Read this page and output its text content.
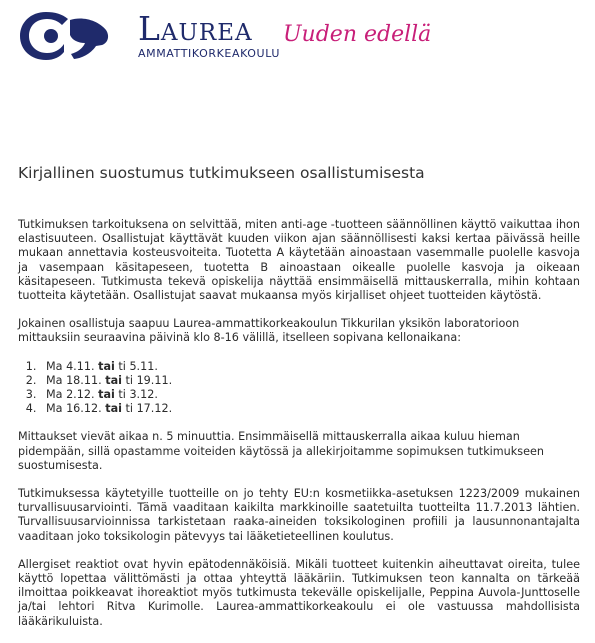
Laurea
AMMATTIKORKEAKOULU
Uuden edellä
Kirjallinen suostumus tutkimukseen osallistumisesta

Tutkimuksen tarkoituksena on selvittää, miten anti-age -tuotteen säännöllinen käyttö vaikuttaa ihon elastisuuteen. Osallistujat käyttävät kuuden viikon ajan säännöllisesti kaksi kertaa päivässä heille mukaan annettavia kosteusvoiteita. Tuotetta A käytetään ainoastaan vasemmalle puolelle kasvoja ja vasempaan käsitapeseen, tuotetta B ainoastaan oikealle puolelle kasvoja ja oikeaan käsitapeseen. Tutkimusta tekevä opiskelija näyttää ensimmäisellä mittauskerralla, mihin kohtaan tuotteita käytetään. Osallistujat saavat mukaansa myös kirjalliset ohjeet tuotteiden käytöstä.

Jokainen osallistuja saapuu Laurea-ammattikorkeakoulun Tikkurilan yksikön laboratorioon mittauksiin seuraavina päivinä klo 8-16 välillä, itselleen sopivana kellonaikana:

1. Ma 4.11. tai ti 5.11.
2. Ma 18.11. tai ti 19.11.
3. Ma 2.12. tai ti 3.12.
4. Ma 16.12. tai ti 17.12.

Mittaukset vievät aikaa n. 5 minuuttia. Ensimmäisellä mittauskerralla aikaa kuluu hieman pidempään, sillä opastamme voiteiden käytössä ja allekirjoitamme sopimuksen tutkimukseen suostumisesta.

Tutkimuksessa käytetyille tuotteille on jo tehty EU:n kosmetiikka-asetuksen 1223/2009 mukainen turvallisuusarviointi. Tämä vaaditaan kaikilta markkinoille saatetuilta tuotteilta 11.7.2013 lähtien. Turvallisuusarvioinnissa tarkistetaan raaka-aineiden toksikologinen profiili ja lausunnonantajalta vaaditaan joko toksikologin pätevyys tai lääketieteellinen koulutus.

Allergiset reaktiot ovat hyvin epätodennäköisiä. Mikäli tuotteet kuitenkin aiheuttavat oireita, tulee käyttö lopettaa välittömästi ja ottaa yhteyttä lääkäriin. Tutkimuksen teon kannalta on tärkeää ilmoittaa poikkeavat ihoreaktiot myös tutkimusta tekevälle opiskelijalle, Peppina Auvola-Junttoselle ja/tai lehtori Ritva Kurimolle. Laurea-ammattikorkeakoulu ei ole vastuussa mahdollisista lääkärikuluista.
